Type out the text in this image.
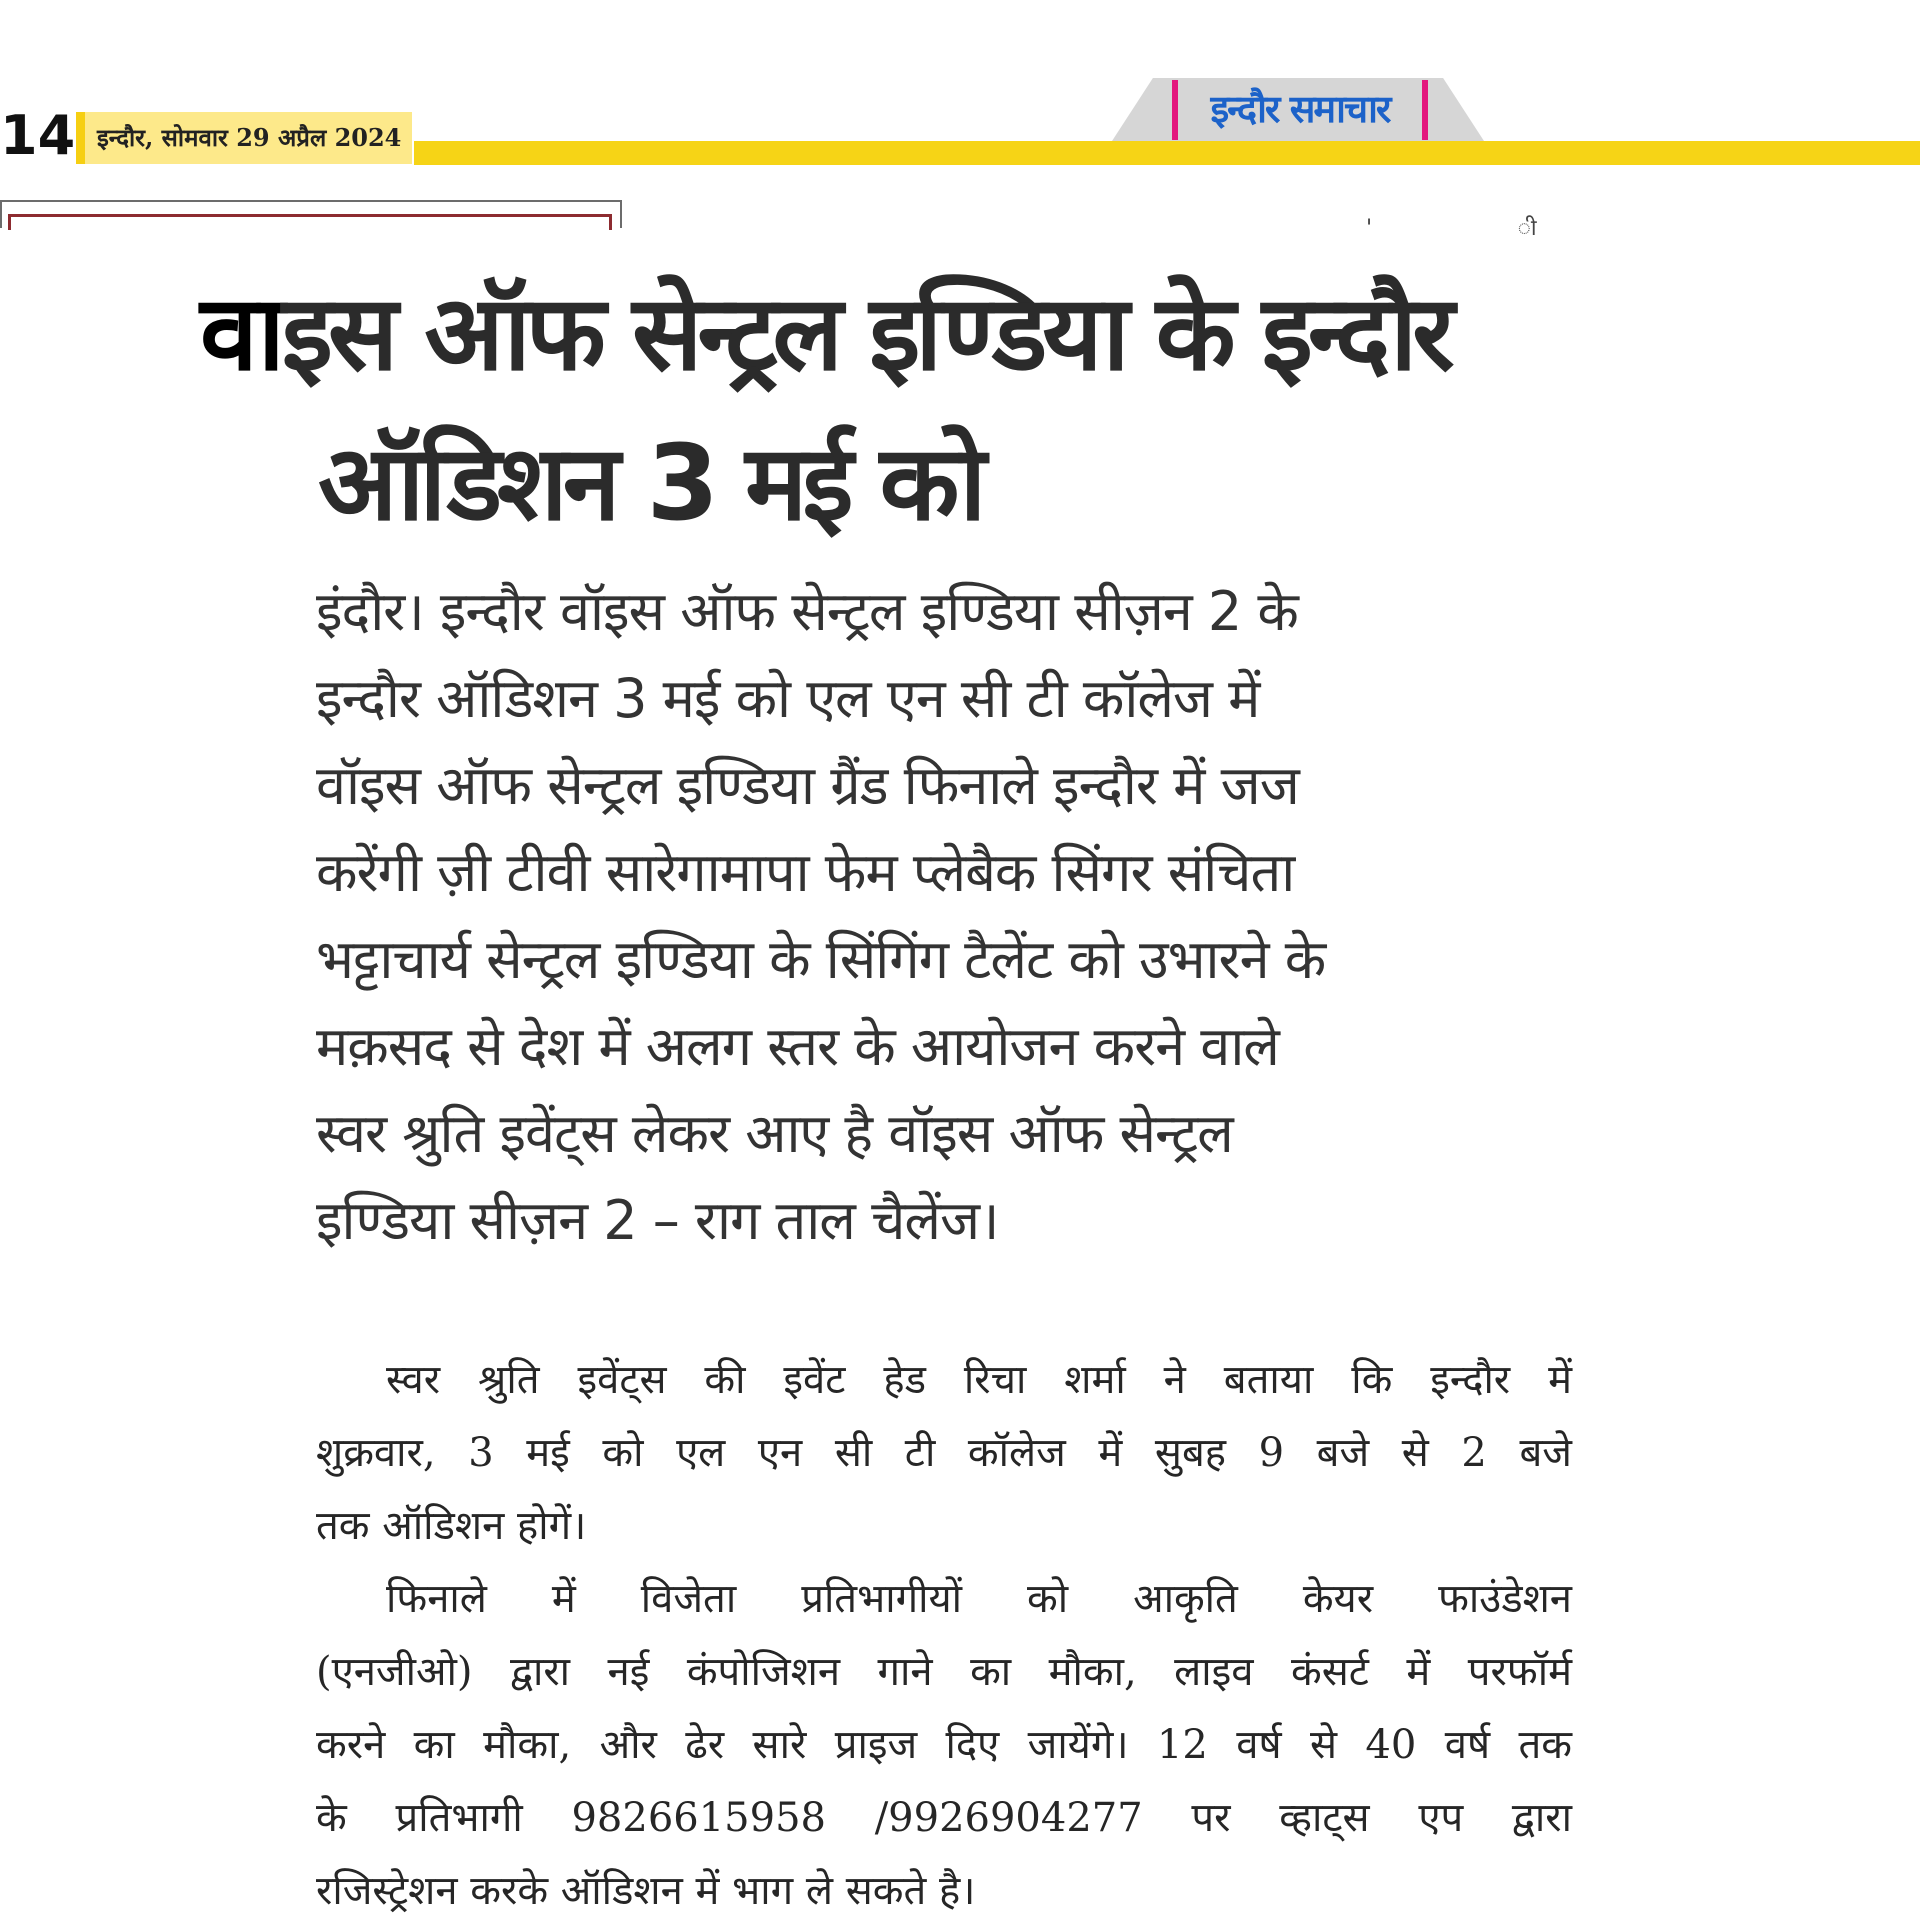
14 इन्दौर, सोमवार 29 अप्रैल 2024
इन्दौर समाचार
' ी
वाइस ऑफ सेन्ट्रल इण्डिया के इन्दौर
ऑडिशन 3 मई को
इंदौर। इन्दौर वॉइस ऑफ सेन्ट्रल इण्डिया सीज़न 2 के
इन्दौर ऑडिशन 3 मई को एल एन सी टी कॉलेज में
वॉइस ऑफ सेन्ट्रल इण्डिया ग्रैंड फिनाले इन्दौर में जज
करेंगी ज़ी टीवी सारेगामापा फेम प्लेबैक सिंगर संचिता
भट्टाचार्य सेन्ट्रल इण्डिया के सिंगिंग टैलेंट को उभारने के
मक़सद से देश में अलग स्तर के आयोजन करने वाले
स्वर श्रुति इवेंट्स लेकर आए है वॉइस ऑफ सेन्ट्रल
इण्डिया सीज़न 2 – राग ताल चैलेंज।
स्वर श्रुति इवेंट्स की इवेंट हेड रिचा शर्मा ने बताया कि इन्दौर में
शुक्रवार, 3 मई को एल एन सी टी कॉलेज में सुबह 9 बजे से 2 बजे
तक ऑडिशन होगें।
फिनाले में विजेता प्रतिभागीयों को आकृति केयर फाउंडेशन
(एनजीओ) द्वारा नई कंपोजिशन गाने का मौका, लाइव कंसर्ट में परफॉर्म
करने का मौका, और ढेर सारे प्राइज दिए जायेंगे। 12 वर्ष से 40 वर्ष तक
के प्रतिभागी 9826615958 /9926904277 पर व्हाट्स एप द्वारा
रजिस्ट्रेशन करके ऑडिशन में भाग ले सकते है।
